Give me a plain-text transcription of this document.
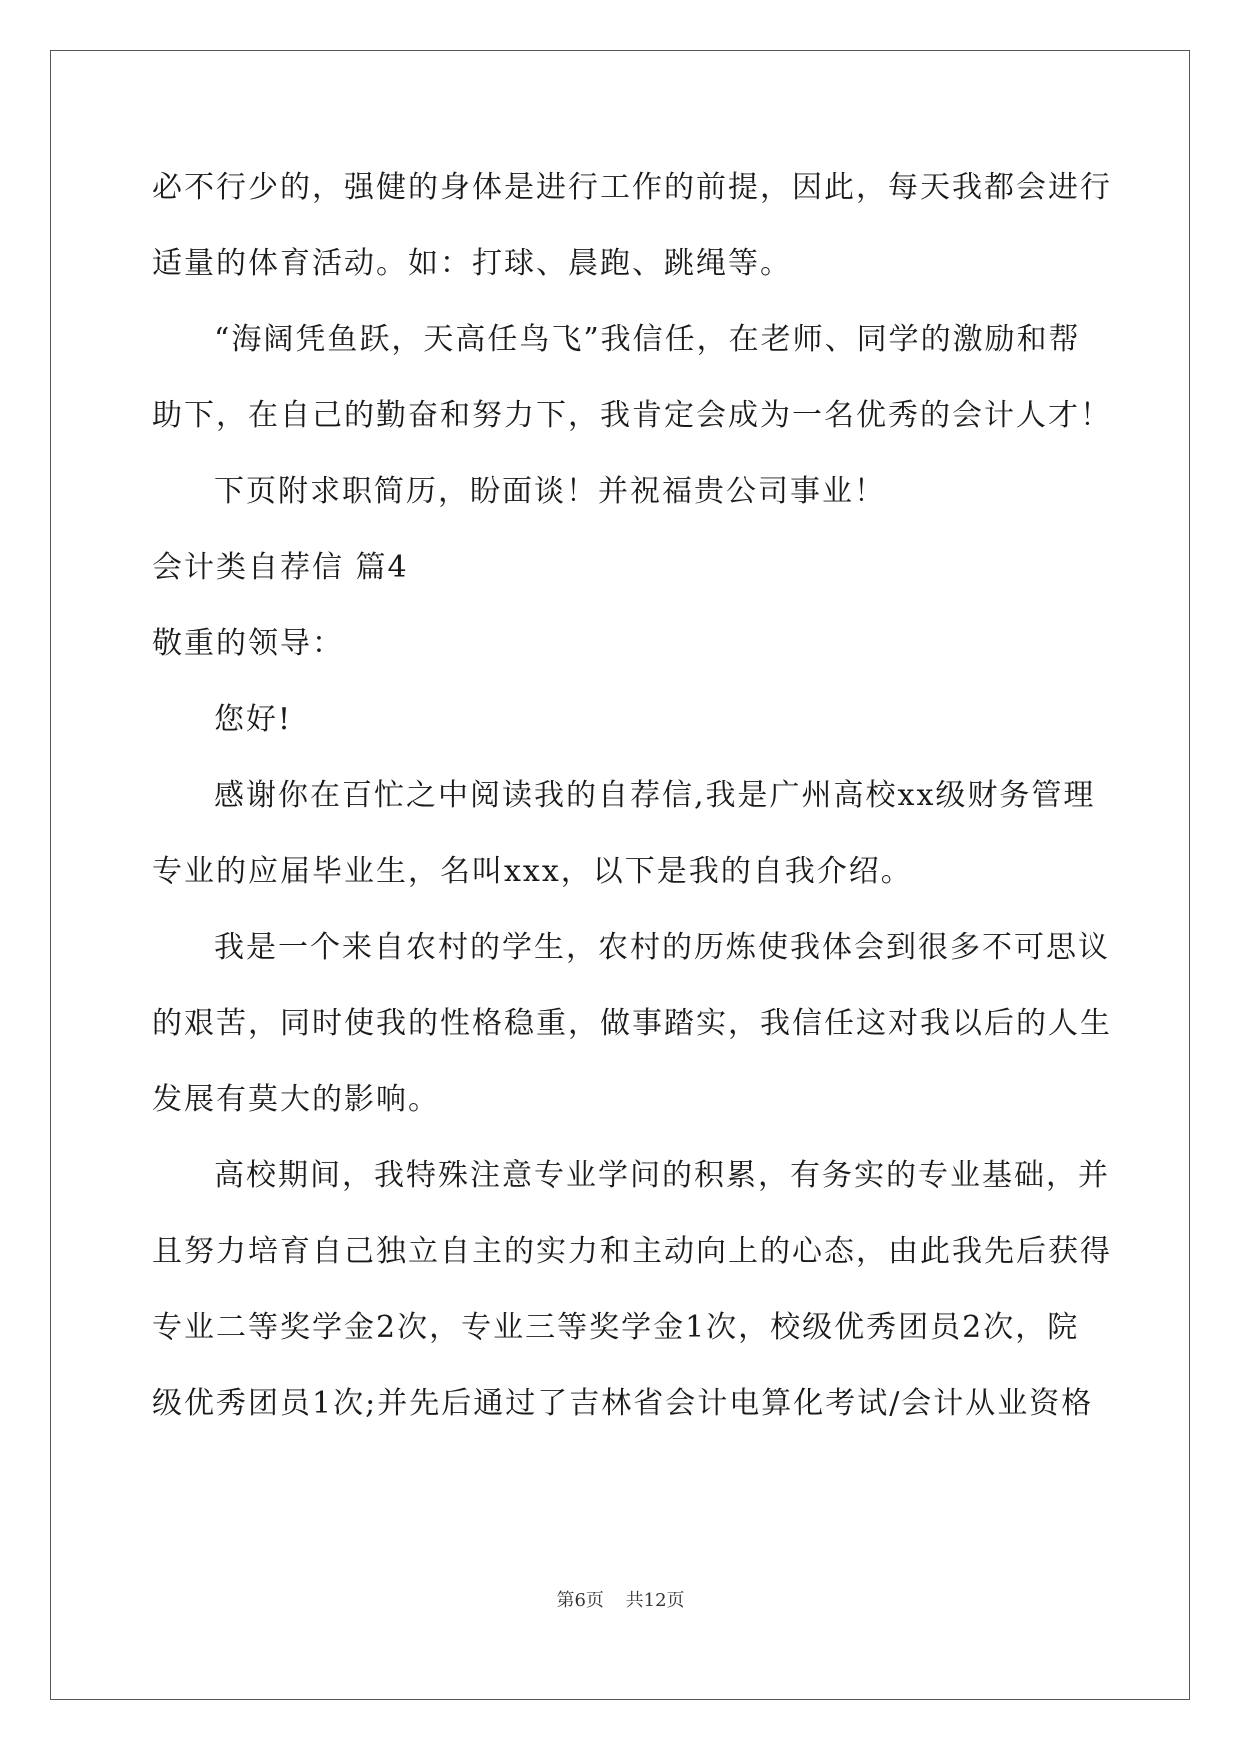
必不行少的，强健的身体是进行工作的前提，因此，每天我都会进行
适量的体育活动。如：打球、晨跑、跳绳等。
“海阔凭鱼跃，天高任鸟飞”我信任，在老师、同学的激励和帮
助下，在自己的勤奋和努力下，我肯定会成为一名优秀的会计人才！
下页附求职简历，盼面谈！并祝福贵公司事业！
会计类自荐信 篇4
敬重的领导：
您好!
感谢你在百忙之中阅读我的自荐信,我是广州高校xx级财务管理
专业的应届毕业生，名叫xxx，以下是我的自我介绍。
我是一个来自农村的学生，农村的历炼使我体会到很多不可思议
的艰苦，同时使我的性格稳重，做事踏实，我信任这对我以后的人生
发展有莫大的影响。
高校期间，我特殊注意专业学问的积累，有务实的专业基础，并
且努力培育自己独立自主的实力和主动向上的心态，由此我先后获得
专业二等奖学金2次，专业三等奖学金1次，校级优秀团员2次，院
级优秀团员1次;并先后通过了吉林省会计电算化考试/会计从业资格
第6页 共12页
